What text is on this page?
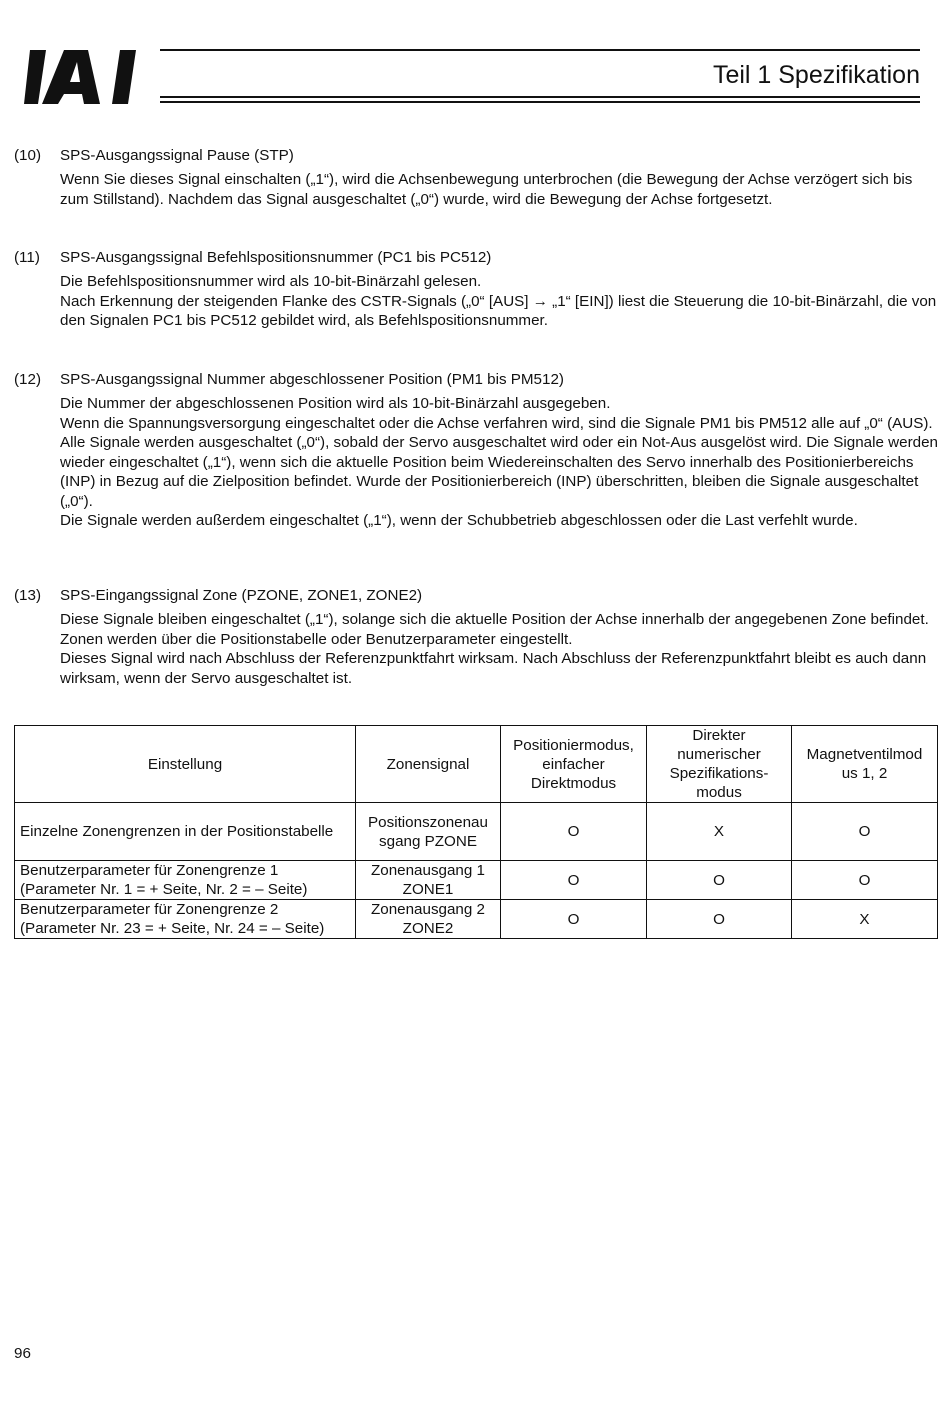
Teil 1 Spezifikation
(10)	SPS-Ausgangssignal Pause (STP)

Wenn Sie dieses Signal einschalten („1“), wird die Achsenbewegung unterbrochen (die Bewegung der Achse verzögert sich bis zum Stillstand). Nachdem das Signal ausgeschaltet („0“) wurde, wird die Bewegung der Achse fortgesetzt.

(11)	SPS-Ausgangssignal Befehlspositionsnummer (PC1 bis PC512)

Die Befehlspositionsnummer wird als 10-bit-Binärzahl gelesen.

Nach Erkennung der steigenden Flanke des CSTR-Signals („0“ [AUS] → „1“ [EIN]) liest die Steuerung die 10-bit-Binärzahl, die von den Signalen PC1 bis PC512 gebildet wird, als Befehlspositionsnummer.

(12)	SPS-Ausgangssignal Nummer abgeschlossener Position (PM1 bis PM512)

Die Nummer der abgeschlossenen Position wird als 10-bit-Binärzahl ausgegeben.

Wenn die Spannungsversorgung eingeschaltet oder die Achse verfahren wird, sind die Signale PM1 bis PM512 alle auf „0“ (AUS).

Alle Signale werden ausgeschaltet („0“), sobald der Servo ausgeschaltet wird oder ein Not-Aus ausgelöst wird. Die Signale werden wieder eingeschaltet („1“), wenn sich die aktuelle Position beim Wiedereinschalten des Servo innerhalb des Positionierbereichs (INP) in Bezug auf die Zielposition befindet. Wurde der Positionierbereich (INP) überschritten, bleiben die Signale ausgeschaltet („0“).

Die Signale werden außerdem eingeschaltet („1“), wenn der Schubbetrieb abgeschlossen oder die Last verfehlt wurde.

(13)	SPS-Eingangssignal Zone (PZONE, ZONE1, ZONE2)

Diese Signale bleiben eingeschaltet („1“), solange sich die aktuelle Position der Achse innerhalb der angegebenen Zone befindet.

Zonen werden über die Positionstabelle oder Benutzerparameter eingestellt.

Dieses Signal wird nach Abschluss der Referenzpunktfahrt wirksam. Nach Abschluss der Referenzpunktfahrt bleibt es auch dann wirksam, wenn der Servo ausgeschaltet ist.

Einstellung	Zonensignal	Positioniermodus, einfacher Direktmodus	Direkter numerischer Spezifikations-modus	Magnetventilmod us 1, 2
Einzelne Zonengrenzen in der Positionstabelle	Positionszonenau sgang PZONE	O	X	O
Benutzerparameter für Zonengrenze 1 (Parameter Nr. 1 = + Seite, Nr. 2 = – Seite)	Zonenausgang 1 ZONE1	O	O	O
Benutzerparameter für Zonengrenze 2 (Parameter Nr. 23 = + Seite, Nr. 24 = – Seite)	Zonenausgang 2 ZONE2	O	O	X
96
